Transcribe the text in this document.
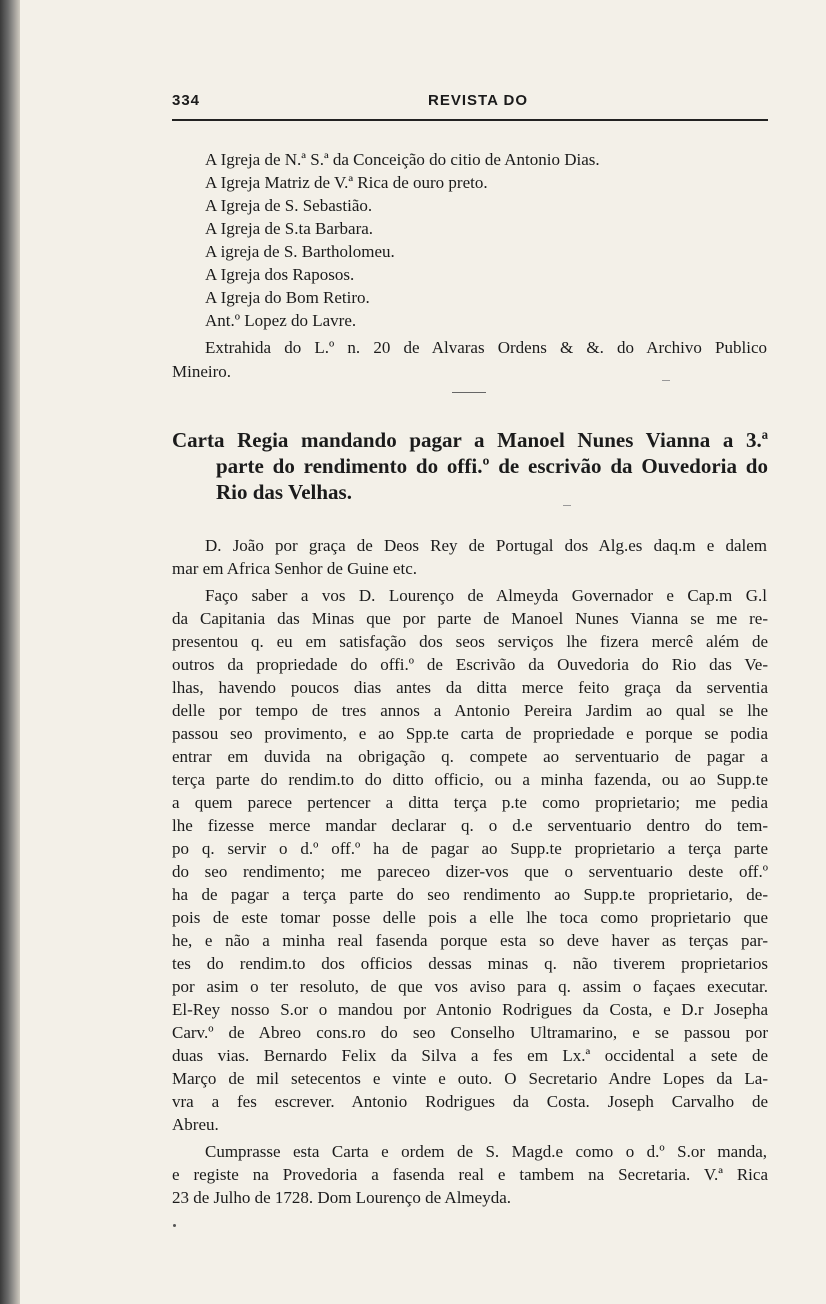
334	REVISTA DO
A Igreja de N.ª S.ª da Conceição do citio de Antonio Dias.
A Igreja Matriz de V.ª Rica de ouro preto.
A Igreja de S. Sebastião.
A Igreja de S.ta Barbara.
A igreja de S. Bartholomeu.
A Igreja dos Raposos.
A Igreja do Bom Retiro.
Ant.º Lopez do Lavre.
Extrahida do L.º n. 20 de Alvaras Ordens & &. do Archivo Publico
Mineiro.
Carta Regia mandando pagar a Manoel Nunes Vianna a 3.ª
parte do rendimento do offi.º de escrivão da Ouvedoria do
Rio das Velhas.
D. João por graça de Deos Rey de Portugal dos Alg.es daq.m e dalem
mar em Africa Senhor de Guine etc.
Faço saber a vos D. Lourenço de Almeyda Governador e Cap.m G.l
da Capitania das Minas que por parte de Manoel Nunes Vianna se me re-
presentou q. eu em satisfação dos seos serviços lhe fizera mercê além de
outros da propriedade do offi.º de Escrivão da Ouvedoria do Rio das Ve-
lhas, havendo poucos dias antes da ditta merce feito graça da serventia
delle por tempo de tres annos a Antonio Pereira Jardim ao qual se lhe
passou seo provimento, e ao Spp.te carta de propriedade e porque se podia
entrar em duvida na obrigação q. compete ao serventuario de pagar a
terça parte do rendim.to do ditto officio, ou a minha fazenda, ou ao Supp.te
a quem parece pertencer a ditta terça p.te como proprietario; me pedia
lhe fizesse merce mandar declarar q. o d.e serventuario dentro do tem-
po q. servir o d.º off.º ha de pagar ao Supp.te proprietario a terça parte
do seo rendimento; me pareceo dizer-vos que o serventuario deste off.º
ha de pagar a terça parte do seo rendimento ao Supp.te proprietario, de-
pois de este tomar posse delle pois a elle lhe toca como proprietario que
he, e não a minha real fasenda porque esta so deve haver as terças par-
tes do rendim.to dos officios dessas minas q. não tiverem proprietarios
por asim o ter resoluto, de que vos aviso para q. assim o façaes executar.
El-Rey nosso S.or o mandou por Antonio Rodrigues da Costa, e D.r Josepha
Carv.º de Abreo cons.ro do seo Conselho Ultramarino, e se passou por
duas vias. Bernardo Felix da Silva a fes em Lx.ª occidental a sete de
Março de mil setecentos e vinte e outo. O Secretario Andre Lopes da La-
vra a fes escrever. Antonio Rodrigues da Costa. Joseph Carvalho de
Abreu.
Cumprasse esta Carta e ordem de S. Magd.e como o d.º S.or manda,
e registe na Provedoria a fasenda real e tambem na Secretaria. V.ª Rica
23 de Julho de 1728. Dom Lourenço de Almeyda.
